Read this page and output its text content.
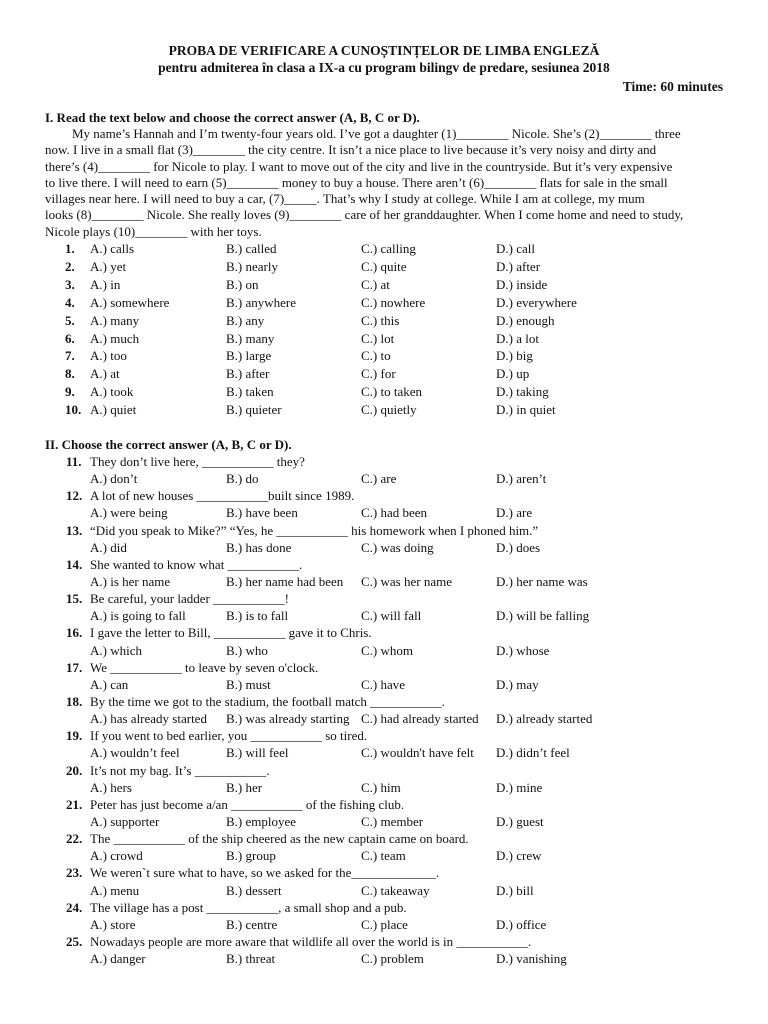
PROBA DE VERIFICARE A CUNOȘTINȚELOR DE LIMBA ENGLEZĂ
pentru admiterea în clasa a IX-a cu program bilingv de predare, sesiunea 2018
Time: 60 minutes

I. Read the text below and choose the correct answer (A, B, C or D).

My name’s Hannah and I’m twenty-four years old. I’ve got a daughter (1)________ Nicole. She’s (2)________ three

now. I live in a small flat (3)________ the city centre. It isn’t a nice place to live because it’s very noisy and dirty and

there’s (4)________ for Nicole to play. I want to move out of the city and live in the countryside. But it’s very expensive

to live there. I will need to earn (5)________ money to buy a house. There aren’t (6)________ flats for sale in the small

villages near here. I will need to buy a car, (7)_____. That’s why I study at college. While I am at college, my mum

looks (8)________ Nicole. She really loves (9)________ care of her granddaughter. When I come home and need to study,

Nicole plays (10)________ with her toys.

1.	A.) calls	B.) called	C.) calling	D.) call
2.	A.) yet	B.) nearly	C.) quite	D.) after
3.	A.) in	B.) on	C.) at	D.) inside
4.	A.) somewhere	B.) anywhere	C.) nowhere	D.) everywhere
5.	A.) many	B.) any	C.) this	D.) enough
6.	A.) much	B.) many	C.) lot	D.) a lot
7.	A.) too	B.) large	C.) to	D.) big
8.	A.) at	B.) after	C.) for	D.) up
9.	A.) took	B.) taken	C.) to taken	D.) taking
10. A.) quiet	B.) quieter	C.) quietly	D.) in quiet

II. Choose the correct answer (A, B, C or D).

11. They don’t live here, ___________ they?
A.) don’t	B.) do	C.) are	D.) aren’t
12. A lot of new houses ___________built since 1989.
A.) were being	B.) have been	C.) had been	D.) are
13. “Did you speak to Mike?” “Yes, he ___________ his homework when I phoned him.”
A.) did	B.) has done	C.) was doing	D.) does
14. She wanted to know what ___________.
A.) is her name	B.) her name had been C.) was her name	D.) her name was
15. Be careful, your ladder ___________!
A.) is going to fall	B.) is to fall	C.) will fall	D.) will be falling
16. I gave the letter to Bill, ___________ gave it to Chris.
A.) which	B.) who	C.) whom	D.) whose
17. We ___________ to leave by seven o'clock.
A.) can	B.) must	C.) have	D.) may
18. By the time we got to the stadium, the football match ___________.
A.) has already started B.) was already starting C.) had already started D.) already started
19. If you went to bed earlier, you ___________ so tired.
A.) wouldn’t feel	B.) will feel	C.) wouldn't have felt D.) didn’t feel
20. It’s not my bag. It’s ___________.
A.) hers	B.) her	C.) him	D.) mine
21. Peter has just become a/an ___________ of the fishing club.
A.) supporter	B.) employee	C.) member	D.) guest
22. The ___________ of the ship cheered as the new captain came on board.
A.) crowd	B.) group	C.) team	D.) crew
23. We weren`t sure what to have, so we asked for the_____________.
A.) menu	B.) dessert	C.) takeaway	D.) bill
24. The village has a post ___________, a small shop and a pub.
A.) store	B.) centre	C.) place	D.) office
25. Nowadays people are more aware that wildlife all over the world is in ___________.
A.) danger	B.) threat	C.) problem	D.) vanishing
